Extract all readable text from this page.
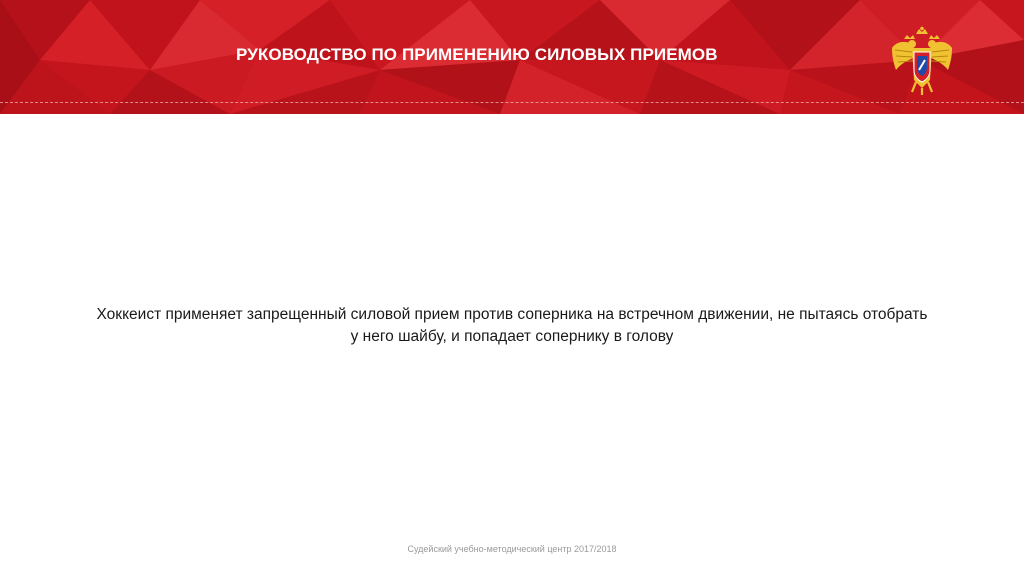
РУКОВОДСТВО ПО ПРИМЕНЕНИЮ СИЛОВЫХ ПРИЕМОВ
Хоккеист применяет запрещенный силовой прием против соперника на встречном движении, не пытаясь отобрать
у него шайбу, и попадает сопернику в голову
Судейский учебно-методический центр 2017/2018
